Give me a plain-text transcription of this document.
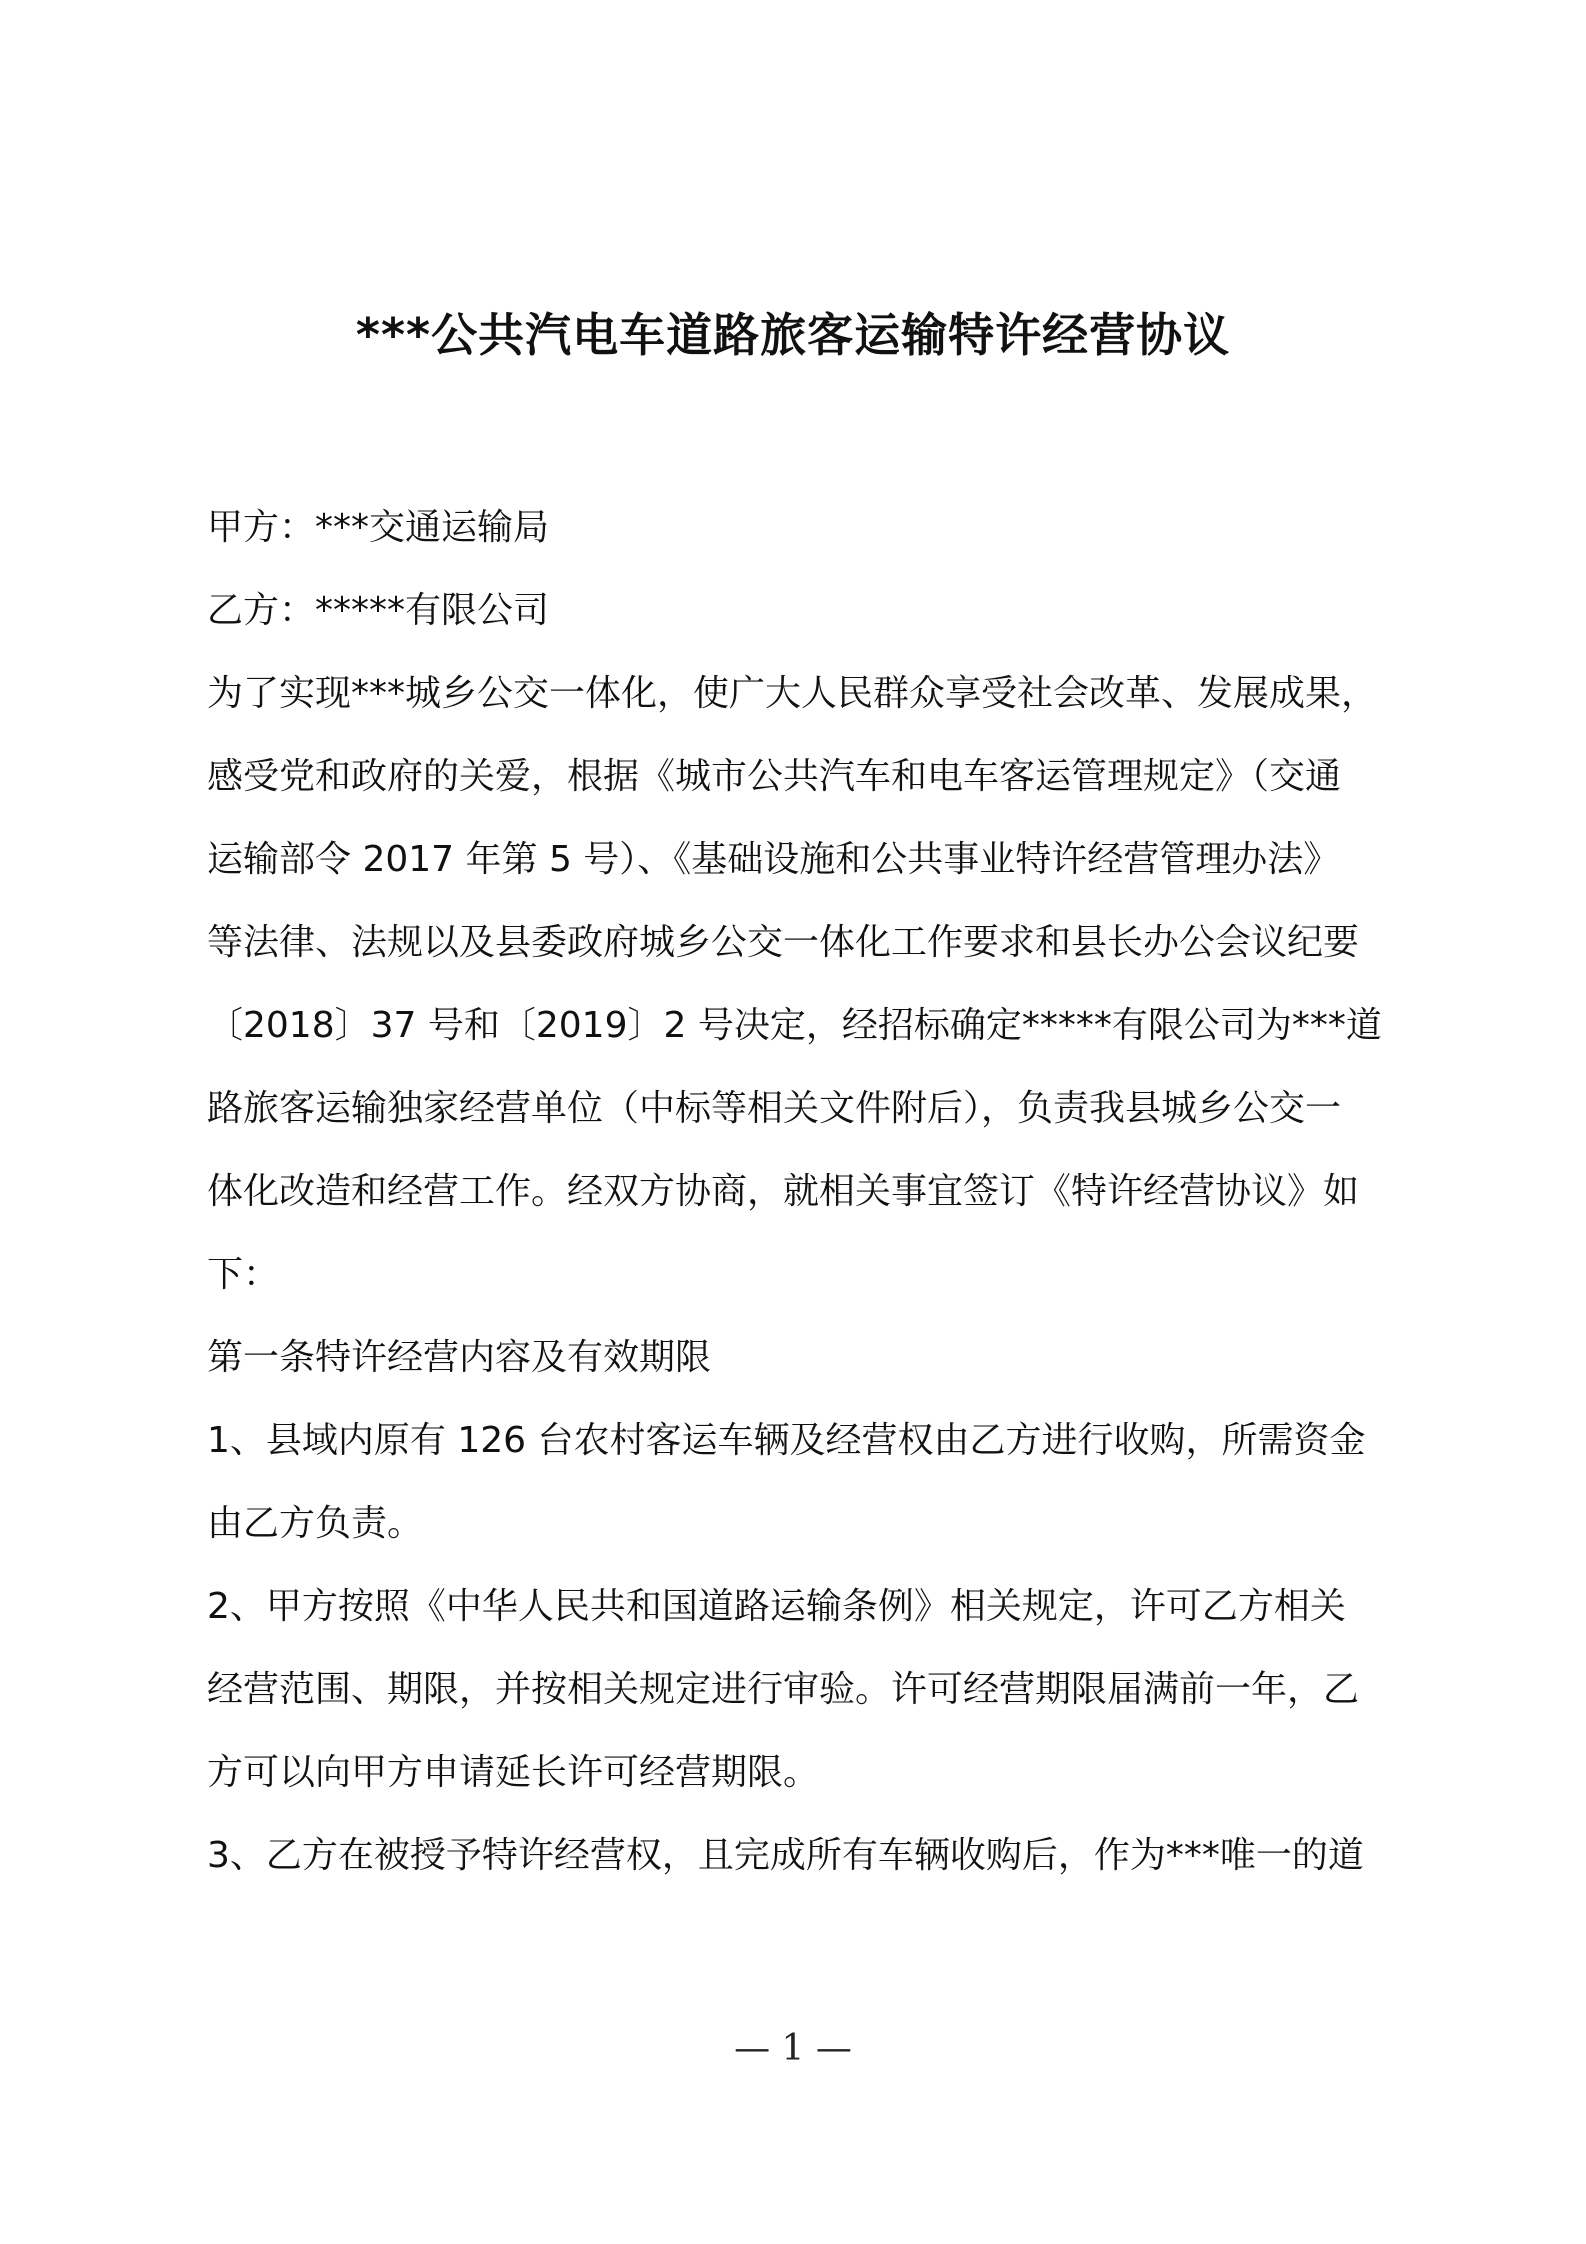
***公共汽电车道路旅客运输特许经营协议
甲方：***交通运输局
乙方：*****有限公司
为了实现***城乡公交一体化，使广大人民群众享受社会改革、发展成果，
感受党和政府的关爱，根据《城市公共汽车和电车客运管理规定》（交通
运输部令 2017 年第 5 号）、《基础设施和公共事业特许经营管理办法》
等法律、法规以及县委政府城乡公交一体化工作要求和县长办公会议纪要
〔2018〕37 号和〔2019〕2 号决定，经招标确定*****有限公司为***道
路旅客运输独家经营单位（中标等相关文件附后），负责我县城乡公交一
体化改造和经营工作。经双方协商，就相关事宜签订《特许经营协议》如
下：
第一条特许经营内容及有效期限
1、县域内原有 126 台农村客运车辆及经营权由乙方进行收购，所需资金
由乙方负责。
2、甲方按照《中华人民共和国道路运输条例》相关规定，许可乙方相关
经营范围、期限，并按相关规定进行审验。许可经营期限届满前一年，乙
方可以向甲方申请延长许可经营期限。
3、乙方在被授予特许经营权，且完成所有车辆收购后，作为***唯一的道
— 1 —
